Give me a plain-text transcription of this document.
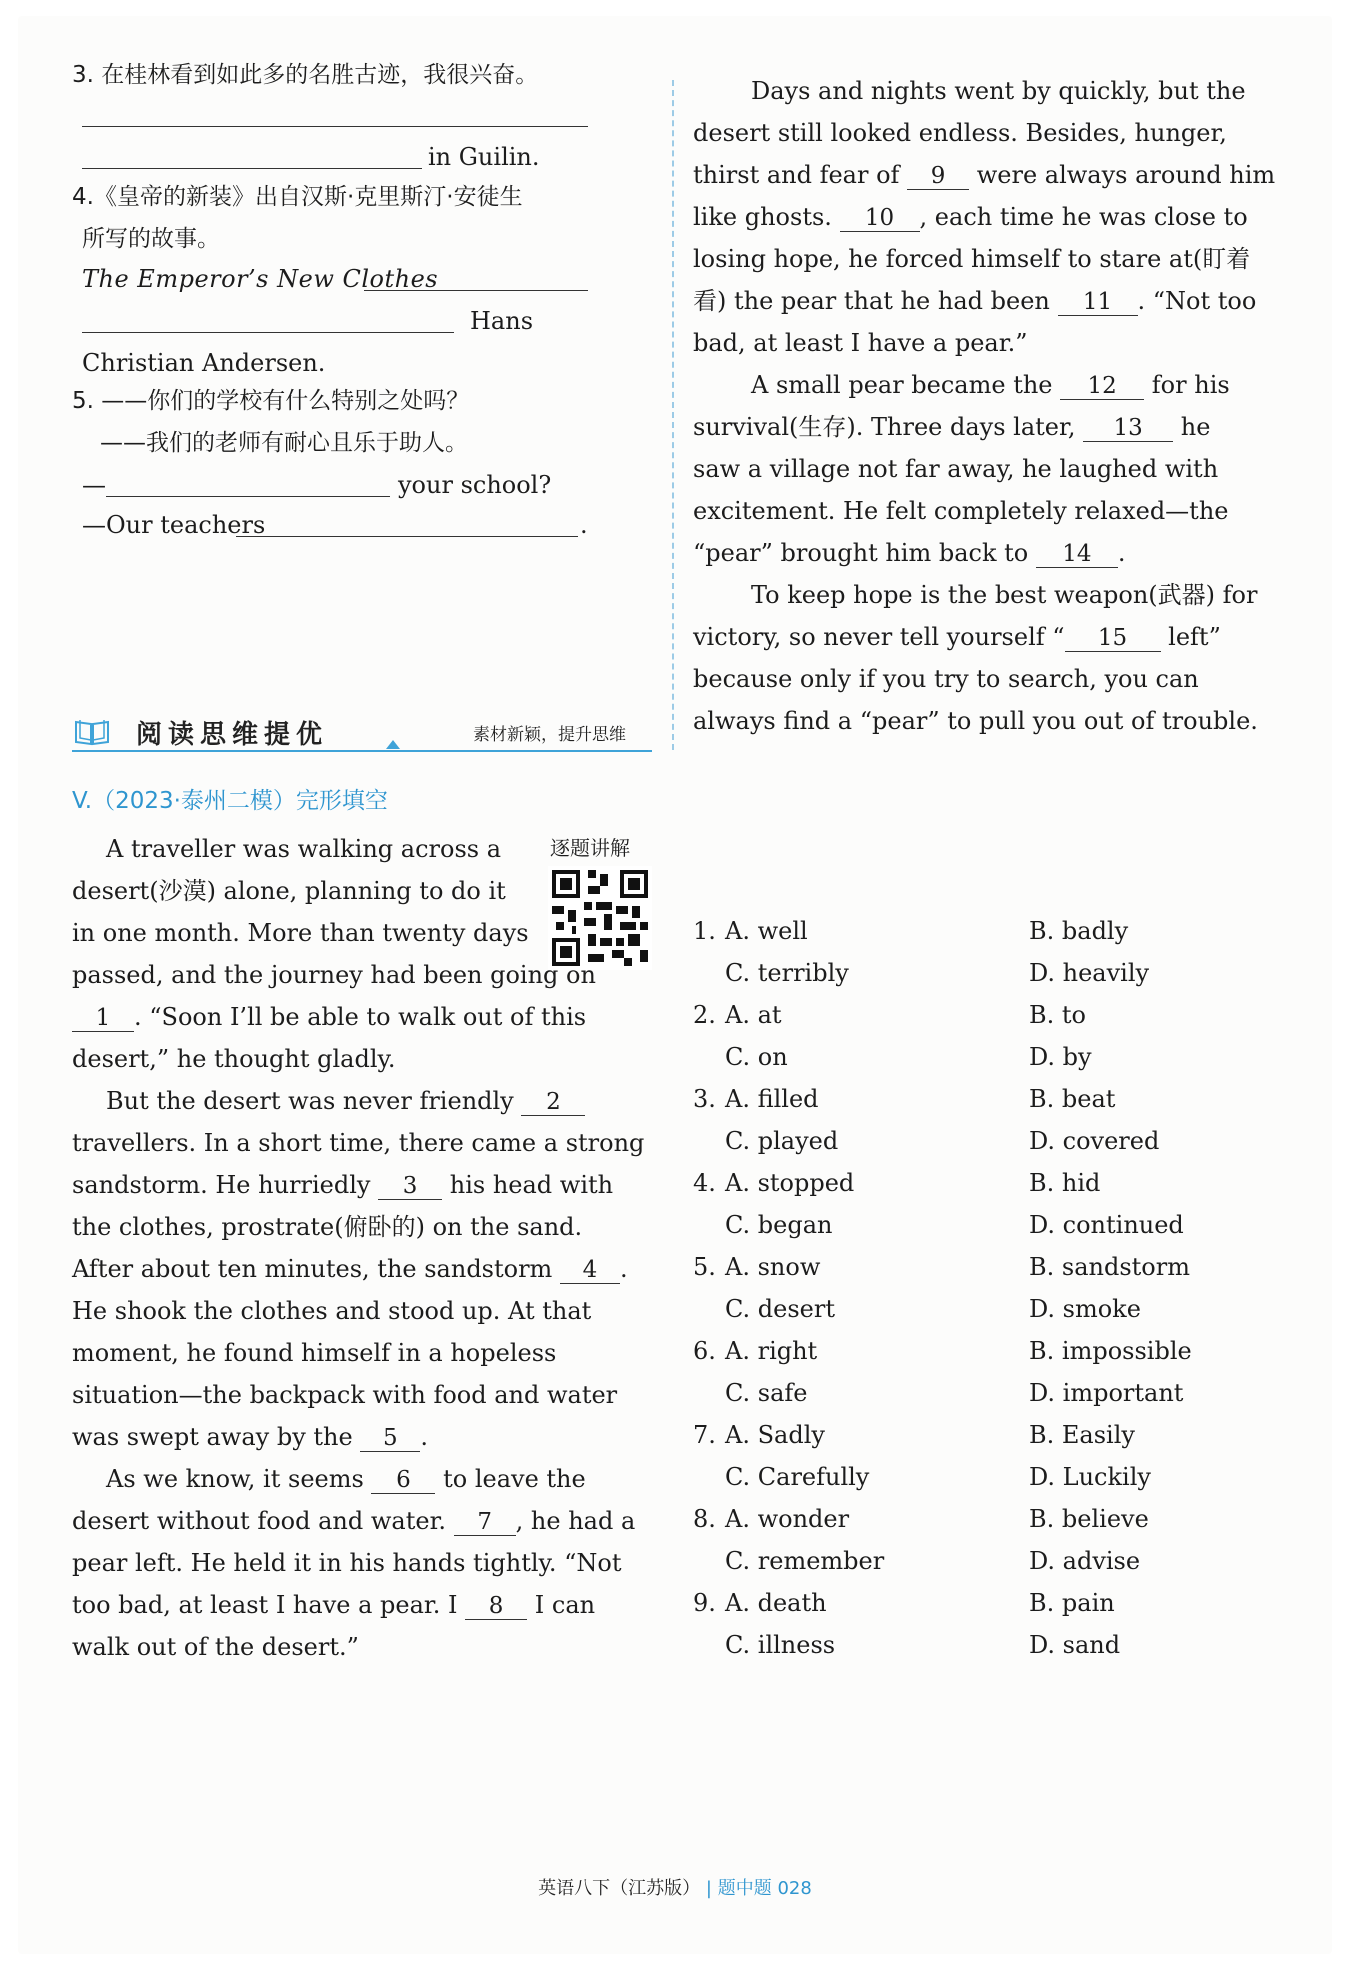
3. 在桂林看到如此多的名胜古迹，我很兴奋。
in Guilin.
4.《皇帝的新装》出自汉斯·克里斯汀·安徒生
所写的故事。
The Emperor’s New Clothes
Hans
Christian Andersen.
5. ——你们的学校有什么特别之处吗？
——我们的老师有耐心且乐于助人。
—	your school?
—Our teachers	.
阅读思维提优	素材新颖，提升思维
V.（2023·泰州二模）完形填空
逐题讲解
A traveller was walking across a
desert(沙漠) alone, planning to do it
in one month. More than twenty days
passed, and the journey had been going on
1 . “Soon I’ll be able to walk out of this
desert,” he thought gladly.
But the desert was never friendly 2
travellers. In a short time, there came a strong
sandstorm. He hurriedly 3 his head with
the clothes, prostrate(俯卧的) on the sand.
After about ten minutes, the sandstorm 4 .
He shook the clothes and stood up. At that
moment, he found himself in a hopeless
situation—the backpack with food and water
was swept away by the 5 .
As we know, it seems 6 to leave the
desert without food and water. 7 , he had a
pear left. He held it in his hands tightly. “Not
too bad, at least I have a pear. I 8 I can
walk out of the desert.”
Days and nights went by quickly, but the
desert still looked endless. Besides, hunger,
thirst and fear of 9 were always around him
like ghosts. 10 , each time he was close to
losing hope, he forced himself to stare at(盯着
看) the pear that he had been 11 . “Not too
bad, at least I have a pear.”
A small pear became the 12 for his
survival(生存). Three days later, 13 he
saw a village not far away, he laughed with
excitement. He felt completely relaxed—the
“pear” brought him back to 14 .
To keep hope is the best weapon(武器) for
victory, so never tell yourself “ 15 left”
because only if you try to search, you can
always find a “pear” to pull you out of trouble.
1. A. well	B. badly
C. terribly	D. heavily
2. A. at	B. to
C. on	D. by
3. A. filled	B. beat
C. played	D. covered
4. A. stopped	B. hid
C. began	D. continued
5. A. snow	B. sandstorm
C. desert	D. smoke
6. A. right	B. impossible
C. safe	D. important
7. A. Sadly	B. Easily
C. Carefully	D. Luckily
8. A. wonder	B. believe
C. remember	D. advise
9. A. death	B. pain
C. illness	D. sand
英语八下（江苏版） | 题中题 028
